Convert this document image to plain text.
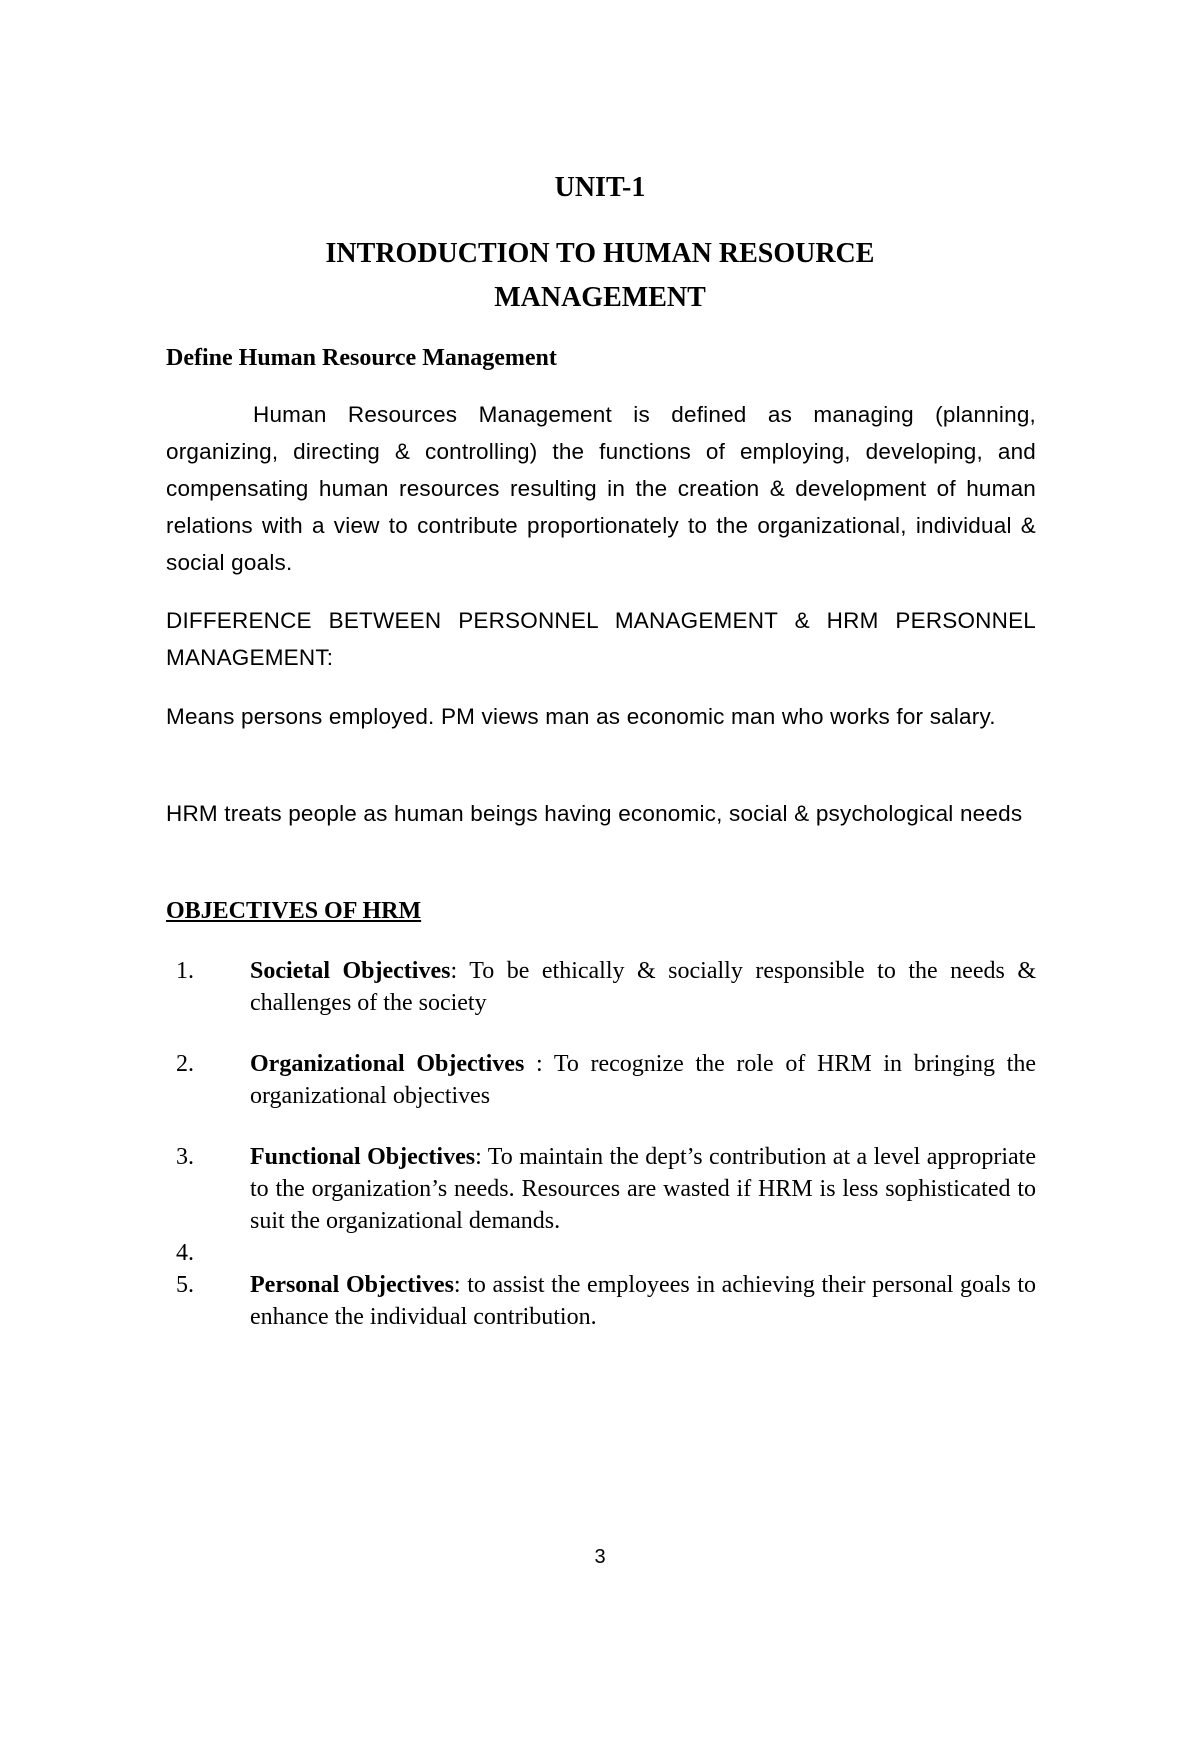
UNIT-1
INTRODUCTION TO HUMAN RESOURCE
MANAGEMENT
Define Human Resource Management
Human Resources Management is defined as managing (planning, organizing, directing & controlling) the functions of employing, developing, and compensating human resources resulting in the creation & development of human relations with a view to contribute proportionately to the organizational, individual & social goals.
DIFFERENCE BETWEEN PERSONNEL MANAGEMENT & HRM PERSONNEL MANAGEMENT:
Means persons employed. PM views man as economic man who works for salary.
HRM treats people as human beings having economic, social & psychological needs
OBJECTIVES OF HRM
1. Societal Objectives: To be ethically & socially responsible to the needs & challenges of the society
2. Organizational Objectives : To recognize the role of HRM in bringing the organizational objectives
3. Functional Objectives: To maintain the dept’s contribution at a level appropriate to the organization’s needs. Resources are wasted if HRM is less sophisticated to suit the organizational demands.
4.
5. Personal Objectives: to assist the employees in achieving their personal goals to enhance the individual contribution.
3
